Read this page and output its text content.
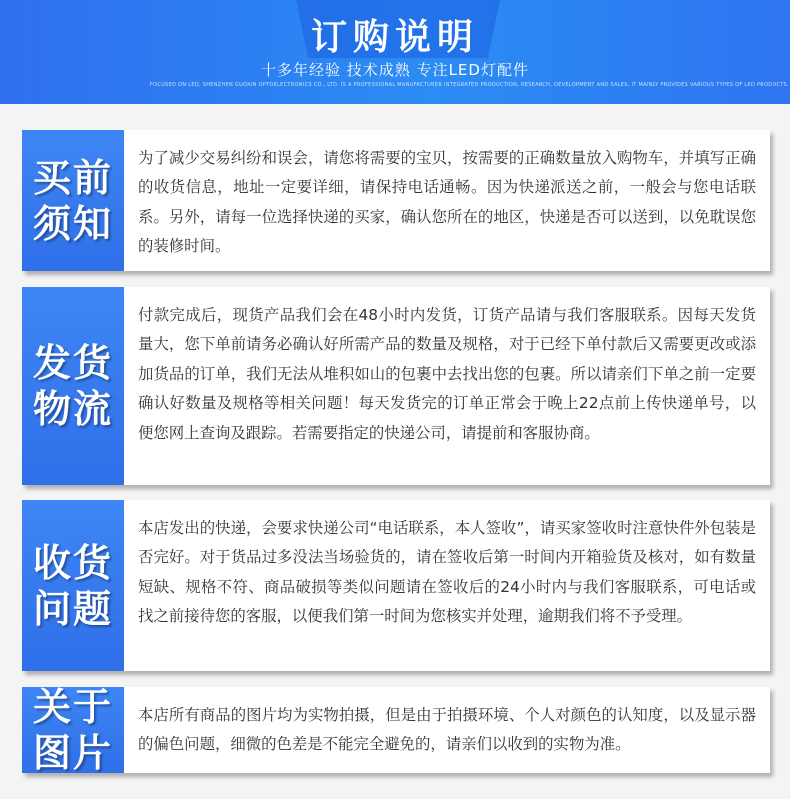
订购说明
十多年经验 技术成熟 专注LED灯配件
FOCUSED ON LED, SHENZHEN GUOXIN OPTOELECTRONICS CO., LTD. IS A PROFESSIONAL MANUFACTURER INTEGRATED PRODUCTION, RESEARCH, DEVELOPMENT AND SALES, IT MAINLY PROVIDES VARIOUS TYPES OF LED PRODUCTS.
买前须知
为了减少交易纠纷和误会，请您将需要的宝贝，按需要的正确数量放入购物车，并填写正确的收货信息，地址一定要详细，请保持电话通畅。因为快递派送之前，一般会与您电话联系。另外，请每一位选择快递的买家，确认您所在的地区，快递是否可以送到，以免耽误您的装修时间。
发货物流
付款完成后，现货产品我们会在48小时内发货，订货产品请与我们客服联系。因每天发货量大，您下单前请务必确认好所需产品的数量及规格，对于已经下单付款后又需要更改或添加货品的订单，我们无法从堆积如山的包裹中去找出您的包裹。所以请亲们下单之前一定要确认好数量及规格等相关问题！每天发货完的订单正常会于晚上22点前上传快递单号，以便您网上查询及跟踪。若需要指定的快递公司，请提前和客服协商。
收货问题
本店发出的快递，会要求快递公司“电话联系，本人签收”，请买家签收时注意快件外包装是否完好。对于货品过多没法当场验货的，请在签收后第一时间内开箱验货及核对，如有数量短缺、规格不符、商品破损等类似问题请在签收后的24小时内与我们客服联系，可电话或找之前接待您的客服，以便我们第一时间为您核实并处理，逾期我们将不予受理。
关于图片
本店所有商品的图片均为实物拍摄，但是由于拍摄环境、个人对颜色的认知度，以及显示器的偏色问题，细微的色差是不能完全避免的，请亲们以收到的实物为准。
